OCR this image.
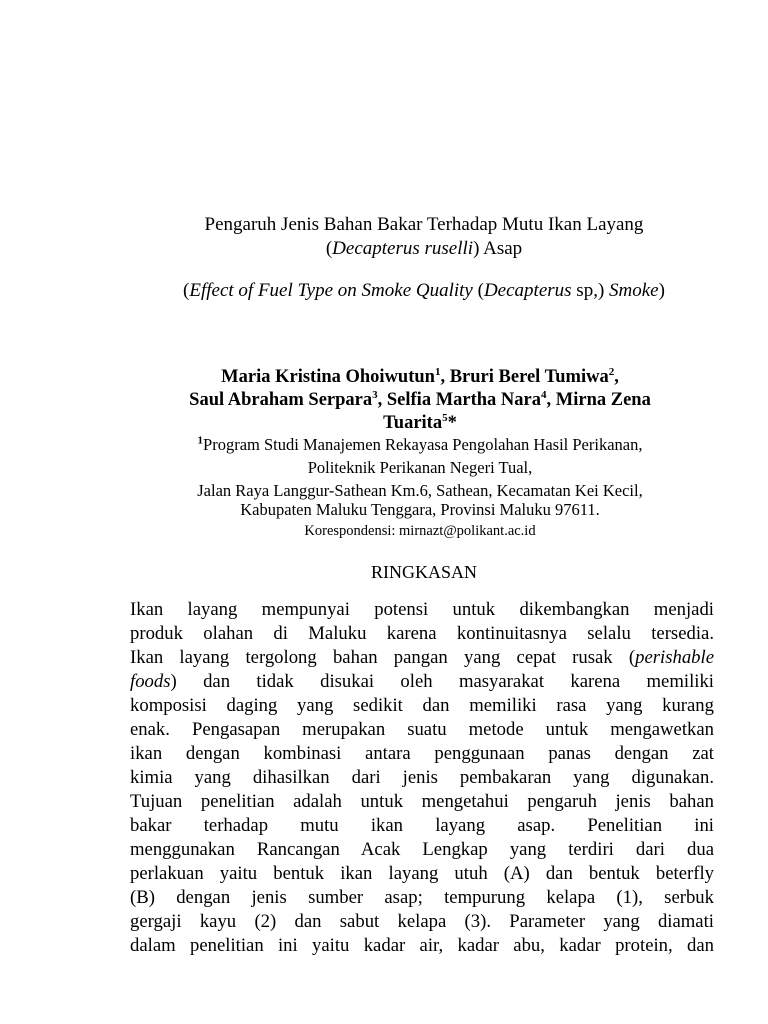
Pengaruh Jenis Bahan Bakar Terhadap Mutu Ikan Layang
(Decapterus ruselli) Asap
(Effect of Fuel Type on Smoke Quality (Decapterus sp,) Smoke)
Maria Kristina Ohoiwutun$^1$, Bruri Berel Tumiwa$^2$,
Saul Abraham Serpara$^3$, Selfia Martha Nara$^4$, Mirna Zena
Tuarita$^5$*
$^1$Program Studi Manajemen Rekayasa Pengolahan Hasil Perikanan,
Politeknik Perikanan Negeri Tual,
Jalan Raya Langgur-Sathean Km.6, Sathean, Kecamatan Kei Kecil,
Kabupaten Maluku Tenggara, Provinsi Maluku 97611.
Korespondensi: mirnazt@polikant.ac.id
RINGKASAN
Ikan layang mempunyai potensi untuk dikembangkan menjadi
produk olahan di Maluku karena kontinuitasnya selalu tersedia.
Ikan layang tergolong bahan pangan yang cepat rusak (perishable
foods) dan tidak disukai oleh masyarakat karena memiliki
komposisi daging yang sedikit dan memiliki rasa yang kurang
enak. Pengasapan merupakan suatu metode untuk mengawetkan
ikan dengan kombinasi antara penggunaan panas dengan zat
kimia yang dihasilkan dari jenis pembakaran yang digunakan.
Tujuan penelitian adalah untuk mengetahui pengaruh jenis bahan
bakar terhadap mutu ikan layang asap. Penelitian ini
menggunakan Rancangan Acak Lengkap yang terdiri dari dua
perlakuan yaitu bentuk ikan layang utuh (A) dan bentuk beterfly
(B) dengan jenis sumber asap; tempurung kelapa (1), serbuk
gergaji kayu (2) dan sabut kelapa (3). Parameter yang diamati
dalam penelitian ini yaitu kadar air, kadar abu, kadar protein, dan
